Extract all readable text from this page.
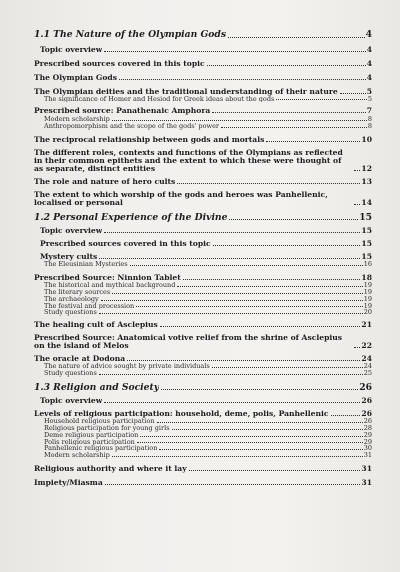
1.1 The Nature of the Olympian Gods	4
Topic overview	4
Prescribed sources covered in this topic	4
The Olympian Gods	4
The Olympian deities and the traditional understanding of their nature	5
The significance of Homer and Hesiod for Greek ideas about the gods	5
Prescribed source: Panathenaic Amphora	7
Modern scholarship	8
Anthropomorphism and the scope of the gods' power	8
The reciprocal relationship between gods and mortals	10
The different roles, contexts and functions of the Olympians as reflected in their common epithets and the extent to which these were thought of as separate, distinct entities	12
The role and nature of hero cults	13
The extent to which worship of the gods and heroes was Panhellenic, localised or personal	14
1.2 Personal Experience of the Divine	15
Topic overview	15
Prescribed sources covered in this topic	15
Mystery cults	15
The Eleusinian Mysteries	16
Prescribed Source: Ninnion Tablet	18
The historical and mythical background	19
The literary sources	19
The archaeology	19
The festival and procession	19
Study questions	20
The healing cult of Asclepius	21
Prescribed Source: Anatomical votive relief from the shrine of Asclepius on the island of Melos	22
The oracle at Dodona	24
The nature of advice sought by private individuals	24
Study questions	25
1.3 Religion and Society	26
Topic overview	26
Levels of religious participation: household, deme, polis, Panhellenic	26
Household religious participation	26
Religious participation for young girls	28
Deme religious participation	29
Polis religious participation	29
Panhellenic religious participation	30
Modern scholarship	31
Religious authority and where it lay	31
Impiety/Miasma	31
